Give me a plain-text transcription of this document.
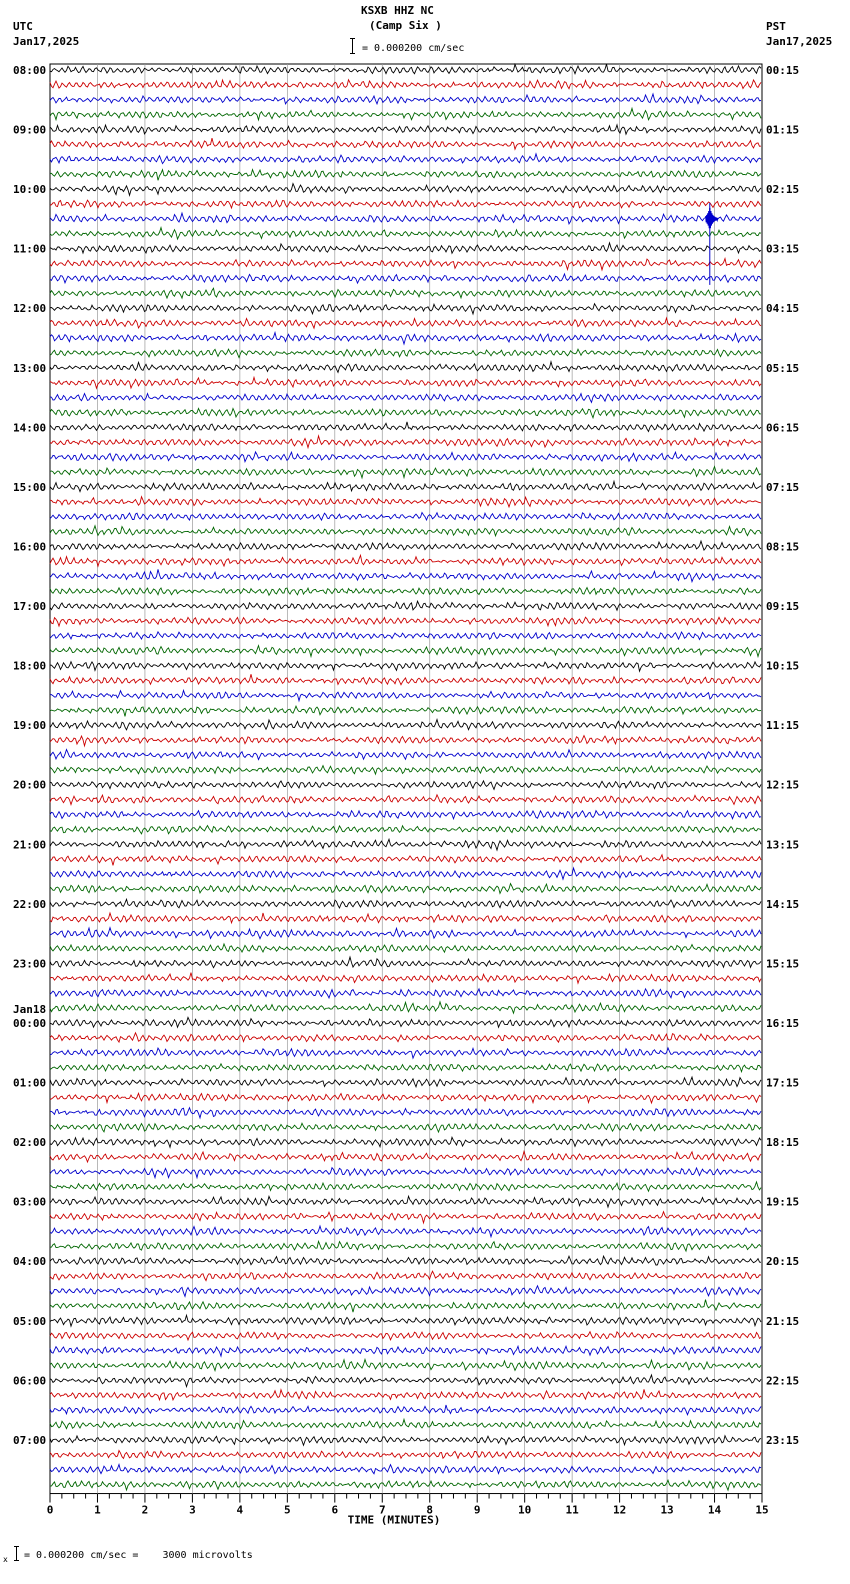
KSXB HHZ NC
(Camp Six )
= 0.000200 cm/sec
UTC
Jan17,2025
PST
Jan17,2025
08:00
09:00
10:00
11:00
12:00
13:00
14:00
15:00
16:00
17:00
18:00
19:00
20:00
21:00
22:00
23:00
00:00
01:00
02:00
03:00
04:00
05:00
06:00
07:00
Jan18
00:15
01:15
02:15
03:15
04:15
05:15
06:15
07:15
08:15
09:15
10:15
11:15
12:15
13:15
14:15
15:15
16:15
17:15
18:15
19:15
20:15
21:15
22:15
23:15
0	1	2	3	4	5	6	7	8	9	10	11	12	13	14	15
TIME (MINUTES)
x = 0.000200 cm/sec =    3000 microvolts
